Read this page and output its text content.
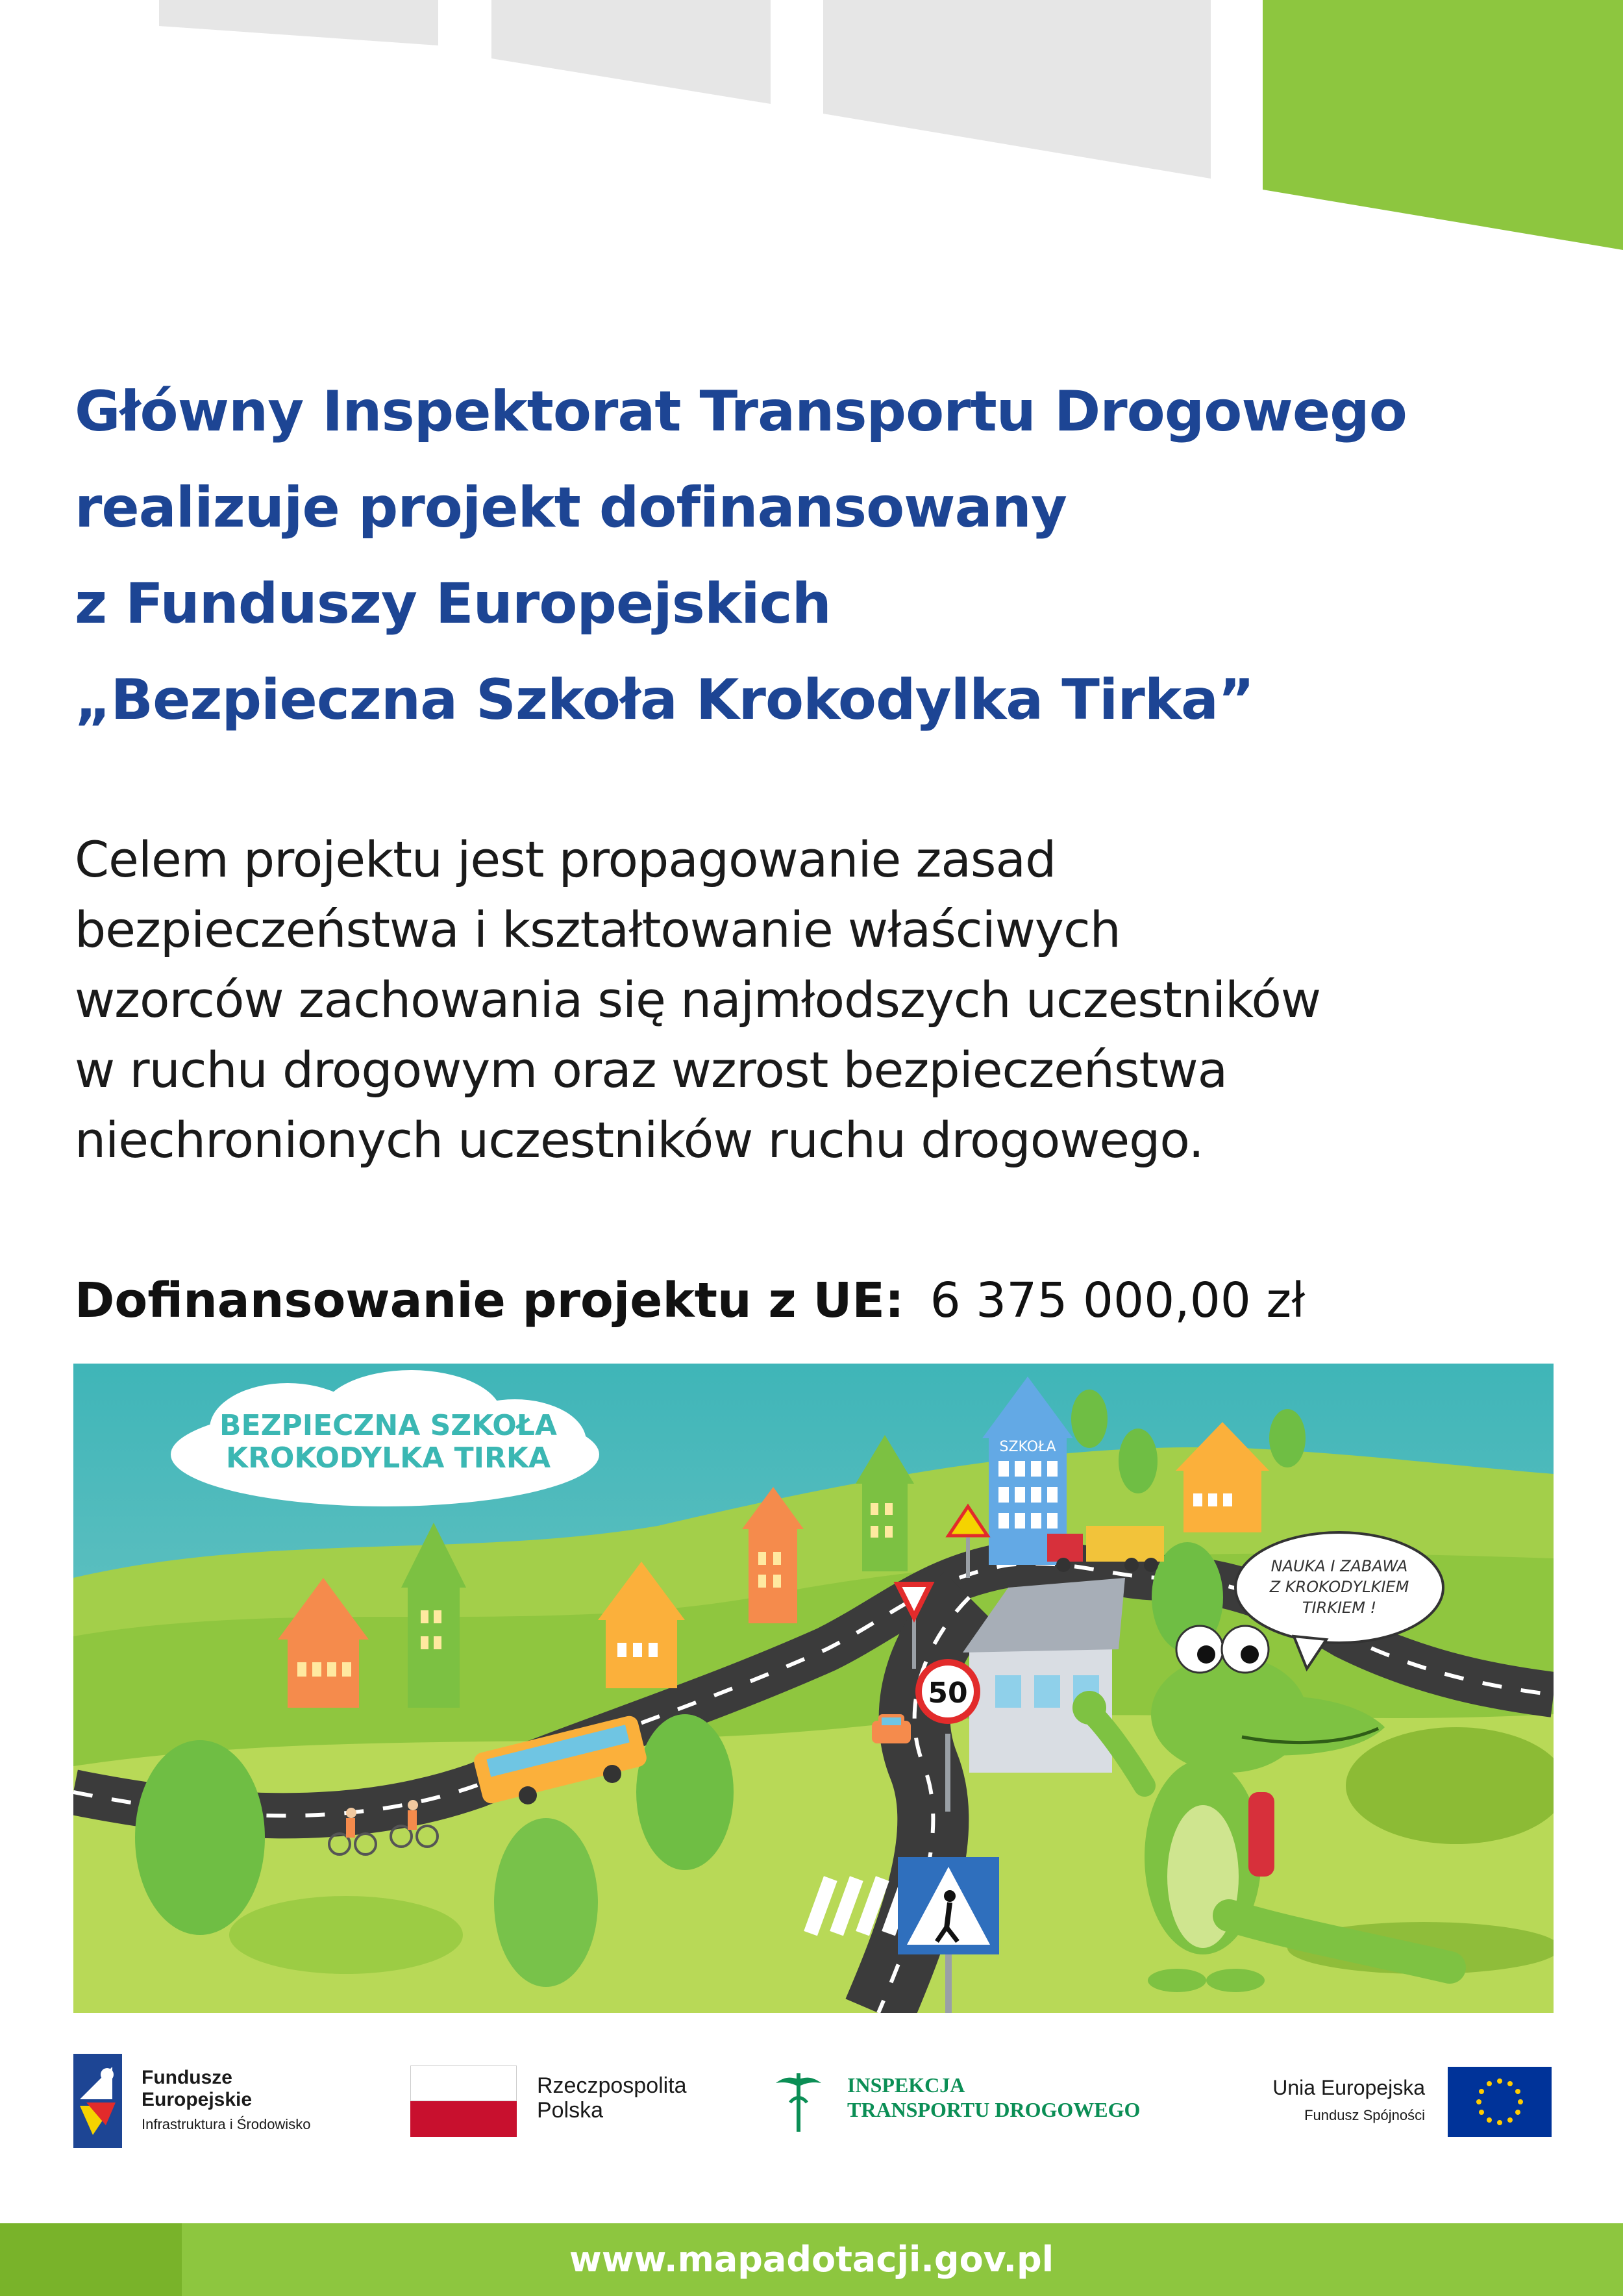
Główny Inspektorat Transportu Drogowego
realizuje projekt dofinansowany
z Funduszy Europejskich
„Bezpieczna Szkoła Krokodylka Tirka”
Celem projektu jest propagowanie zasad
bezpieczeństwa i kształtowanie właściwych
wzorców zachowania się najmłodszych uczestników
w ruchu drogowym oraz wzrost bezpieczeństwa
niechronionych uczestników ruchu drogowego.
Dofinansowanie projektu z UE: 6 375 000,00 zł
SZKOŁA
50
BEZPIECZNA SZKOŁA
KROKODYLKA TIRKA
NAUKA I ZABAWA
Z KROKODYLKIEM
TIRKIEM !
Fundusze
Europejskie
Infrastruktura i Środowisko
Rzeczpospolita
Polska
INSPEKCJA
TRANSPORTU DROGOWEGO
Unia Europejska
Fundusz Spójności
www.mapadotacji.gov.pl
